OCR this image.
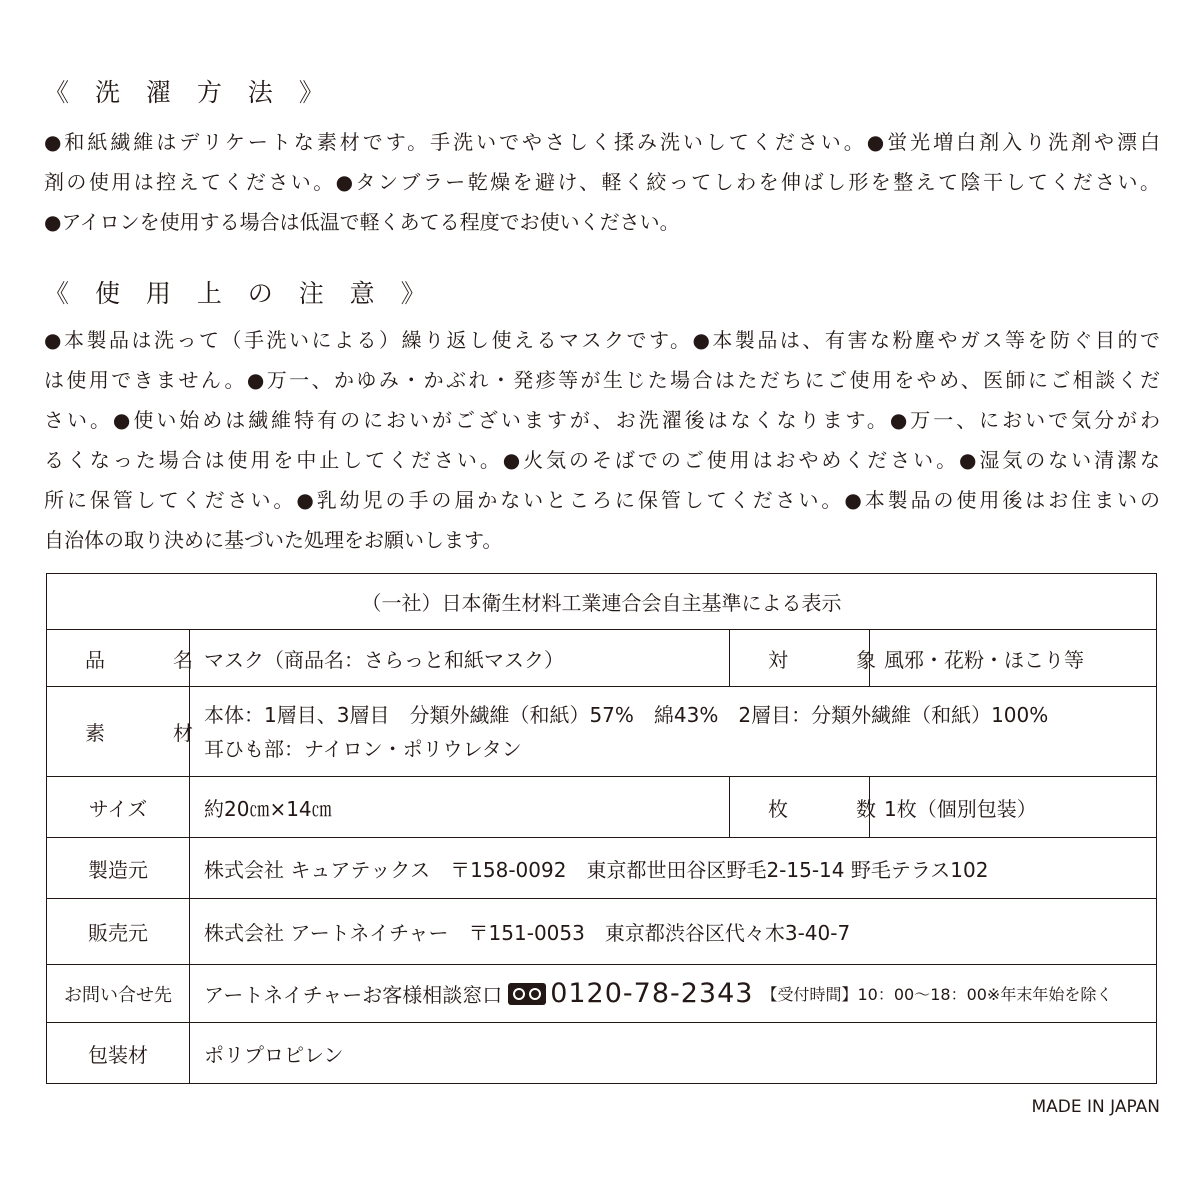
《 洗 濯 方 法 》
●和紙繊維はデリケートな素材です。手洗いでやさしく揉み洗いしてください。●蛍光増白剤入り洗剤や漂白
剤の使用は控えてください。●タンブラー乾燥を避け、軽く絞ってしわを伸ばし形を整えて陰干してください。
●アイロンを使用する場合は低温で軽くあてる程度でお使いください。
《 使 用 上 の 注 意 》
●本製品は洗って（手洗いによる）繰り返し使えるマスクです。●本製品は、有害な粉塵やガス等を防ぐ目的で
は使用できません。●万一、かゆみ・かぶれ・発疹等が生じた場合はただちにご使用をやめ、医師にご相談くだ
さい。●使い始めは繊維特有のにおいがございますが、お洗濯後はなくなります。●万一、においで気分がわ
るくなった場合は使用を中止してください。●火気のそばでのご使用はおやめください。●湿気のない清潔な
所に保管してください。●乳幼児の手の届かないところに保管してください。●本製品の使用後はお住まいの
自治体の取り決めに基づいた処理をお願いします。
（一社）日本衛生材料工業連合会自主基準による表示			
品　名	マスク（商品名：さらっと和紙マスク）	対　象	風邪・花粉・ほこり等
素　材	本体：1層目、3層目　分類外繊維（和紙）57%　綿43%　2層目：分類外繊維（和紙）100%
耳ひも部：ナイロン・ポリウレタン		

サイズ	約20㎝×14㎝	枚　数	1枚（個別包装）
製造元	株式会社 キュアテックス　〒158-0092　東京都世田谷区野毛2-15-14 野毛テラス102		
販売元	株式会社 アートネイチャー　〒151-0053　東京都渋谷区代々木3-40-7		
お問い合せ先	アートネイチャーお客様相談窓口 0120-78-2343 【受付時間】10：00～18：00※年末年始を除く		

包装材	ポリプロピレン		
MADE IN JAPAN
